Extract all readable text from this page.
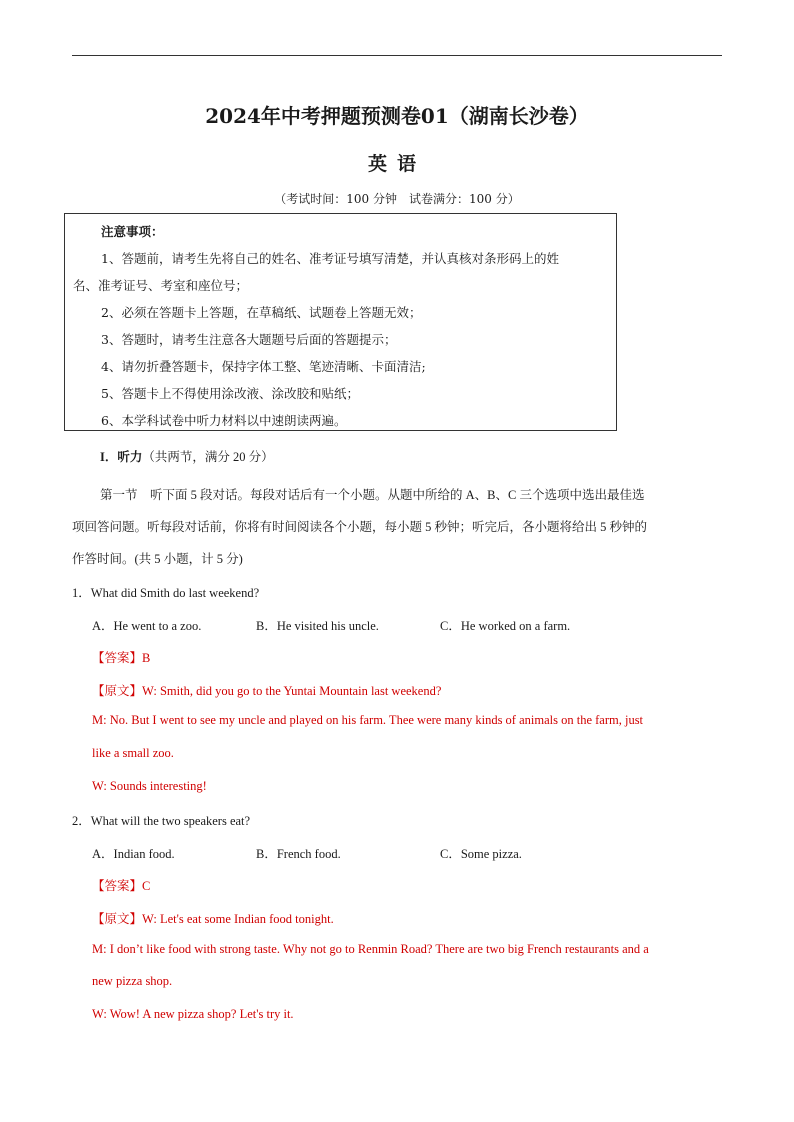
2024年中考押题预测卷01（湖南长沙卷）
英语
（考试时间：100 分钟　试卷满分：100 分）
注意事项：
1、答题前，请考生先将自己的姓名、准考证号填写清楚，并认真核对条形码上的姓
名、准考证号、考室和座位号；
2、必须在答题卡上答题，在草稿纸、试题卷上答题无效；
3、答题时，请考生注意各大题题号后面的答题提示；
4、请勿折叠答题卡，保持字体工整、笔迹清晰、卡面清洁;
5、答题卡上不得使用涂改液、涂改胶和贴纸；
6、本学科试卷中听力材料以中速朗读两遍。
I．听力（共两节，满分 20 分）
第一节　听下面 5 段对话。每段对话后有一个小题。从题中所给的 A、B、C 三个选项中选出最佳选
项回答问题。听每段对话前，你将有时间阅读各个小题，每小题 5 秒钟；听完后，各小题将给出 5 秒钟的
作答时间。(共 5 小题，计 5 分)
1．What did Smith do last weekend?
A．He went to a zoo.	B．He visited his uncle.	C．He worked on a farm.
【答案】B
【原文】W: Smith, did you go to the Yuntai Mountain last weekend?
M: No. But I went to see my uncle and played on his farm. Thee were many kinds of animals on the farm, just
like a small zoo.
W: Sounds interesting!
2．What will the two speakers eat?
A．Indian food.	B．French food.	C．Some pizza.
【答案】C
【原文】W: Let's eat some Indian food tonight.
M: I don’t like food with strong taste. Why not go to Renmin Road? There are two big French restaurants and a
new pizza shop.
W: Wow! A new pizza shop? Let's try it.
